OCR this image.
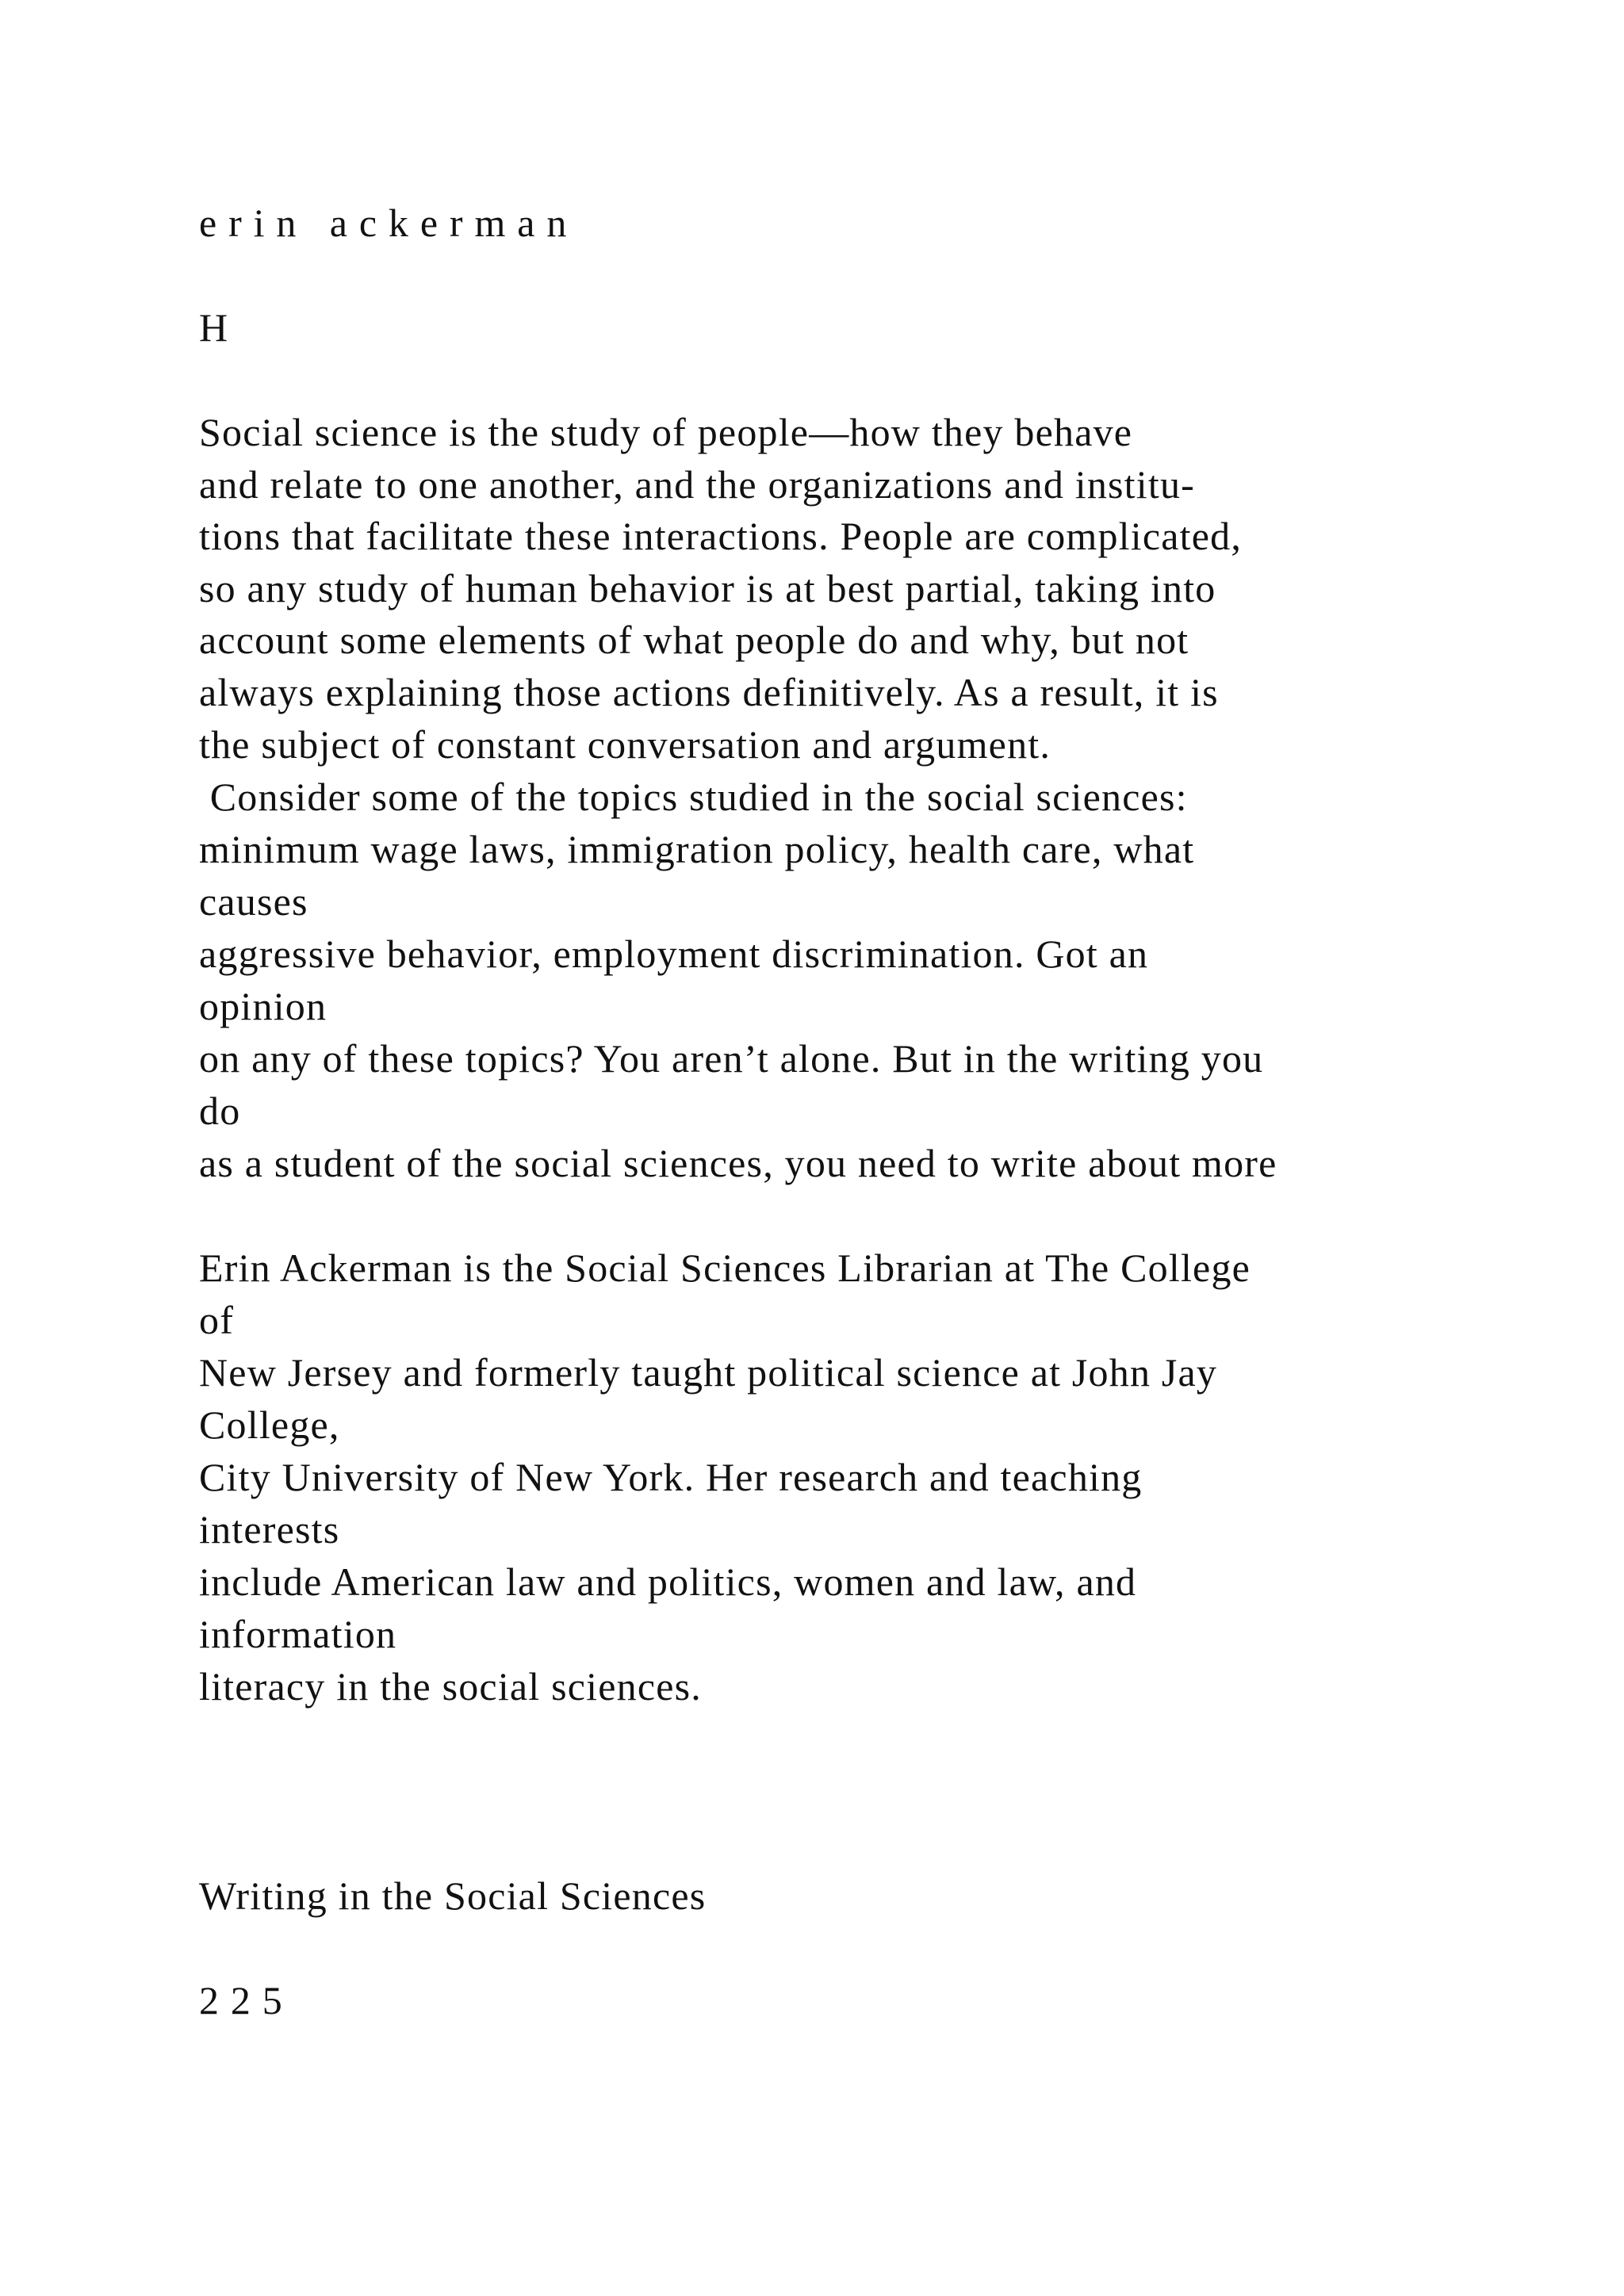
e r i n   a c k e r m a n

H

Social science is the study of people—how they behave

and relate to one another, and the organizations and institu-

tions that facilitate these interactions. People are complicated,

so any study of human behavior is at best partial, taking into

account some elements of what people do and why, but not

always explaining those actions definitively. As a result, it is

the subject of constant conversation and argument.

Consider some of the topics studied in the social sciences:

minimum wage laws, immigration policy, health care, what

causes

aggressive behavior, employment discrimination. Got an

opinion

on any of these topics? You aren’t alone. But in the writing you

do

as a student of the social sciences, you need to write about more

Erin Ackerman is the Social Sciences Librarian at The College

of

New Jersey and formerly taught political science at John Jay

College,

City University of New York. Her research and teaching

interests

include American law and politics, women and law, and

information

literacy in the social sciences.

Writing in the Social Sciences

2 2 5
